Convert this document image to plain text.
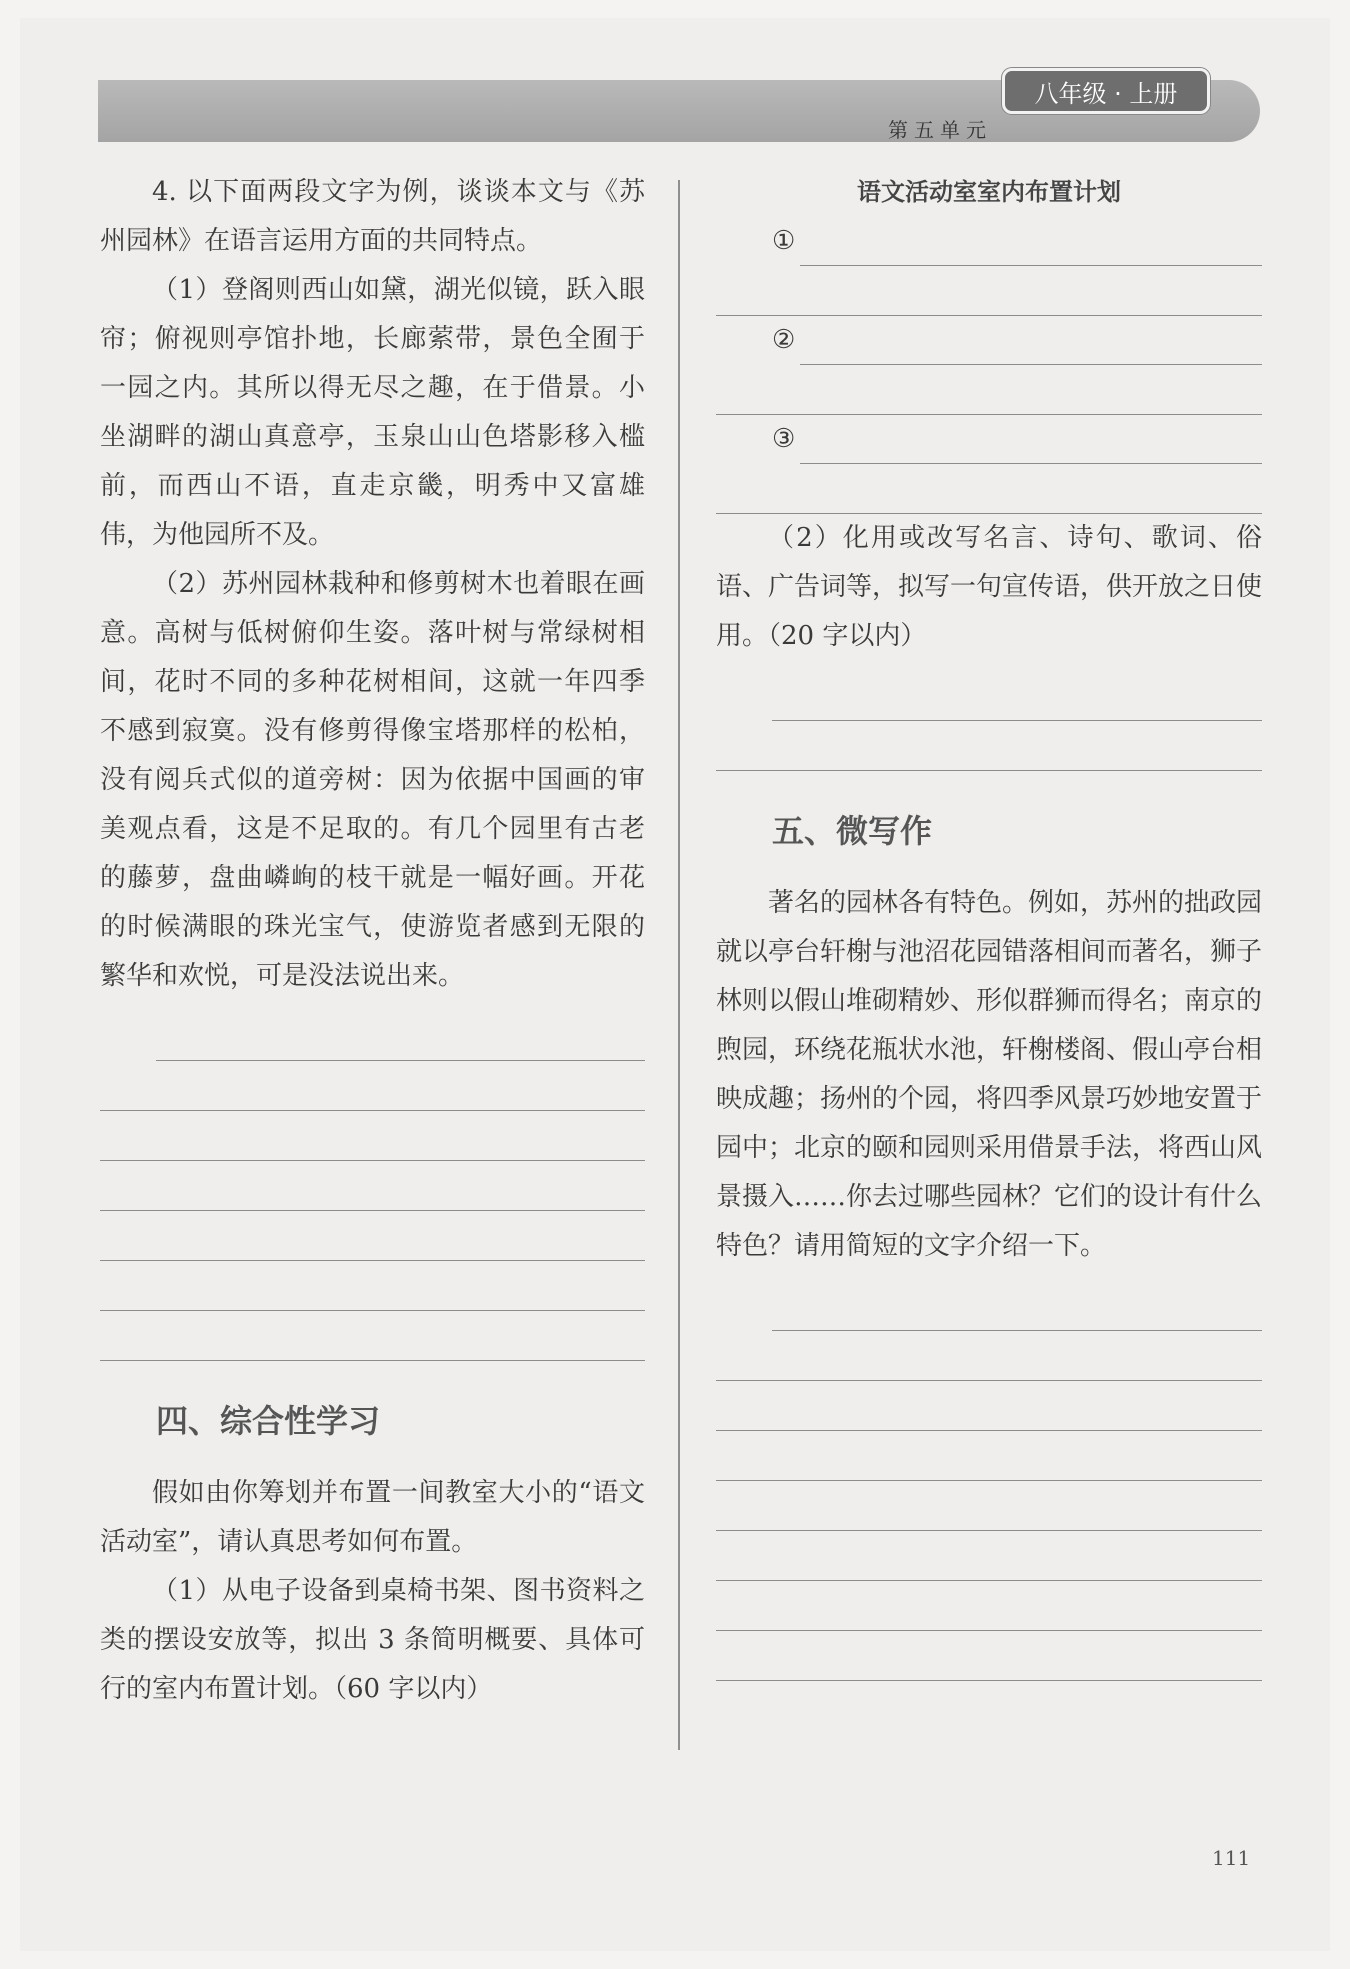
第五单元
八年级 · 上册

4. 以下面两段文字为例，谈谈本文与《苏州园林》在语言运用方面的共同特点。

（1）登阁则西山如黛，湖光似镜，跃入眼帘；俯视则亭馆扑地，长廊萦带，景色全囿于一园之内。其所以得无尽之趣，在于借景。小坐湖畔的湖山真意亭，玉泉山山色塔影移入槛前，而西山不语，直走京畿，明秀中又富雄伟，为他园所不及。

（2）苏州园林栽种和修剪树木也着眼在画意。高树与低树俯仰生姿。落叶树与常绿树相间，花时不同的多种花树相间，这就一年四季不感到寂寞。没有修剪得像宝塔那样的松柏，没有阅兵式似的道旁树：因为依据中国画的审美观点看，这是不足取的。有几个园里有古老的藤萝，盘曲嶙峋的枝干就是一幅好画。开花的时候满眼的珠光宝气，使游览者感到无限的繁华和欢悦，可是没法说出来。

四、综合性学习

假如由你筹划并布置一间教室大小的“语文活动室”，请认真思考如何布置。

（1）从电子设备到桌椅书架、图书资料之类的摆设安放等，拟出 3 条简明概要、具体可行的室内布置计划。（60 字以内）

语文活动室室内布置计划
①
②
③

（2）化用或改写名言、诗句、歌词、俗语、广告词等，拟写一句宣传语，供开放之日使用。（20 字以内）

五、微写作

著名的园林各有特色。例如，苏州的拙政园就以亭台轩榭与池沼花园错落相间而著名，狮子林则以假山堆砌精妙、形似群狮而得名；南京的煦园，环绕花瓶状水池，轩榭楼阁、假山亭台相映成趣；扬州的个园，将四季风景巧妙地安置于园中；北京的颐和园则采用借景手法，将西山风景摄入……你去过哪些园林？它们的设计有什么特色？请用简短的文字介绍一下。

111
